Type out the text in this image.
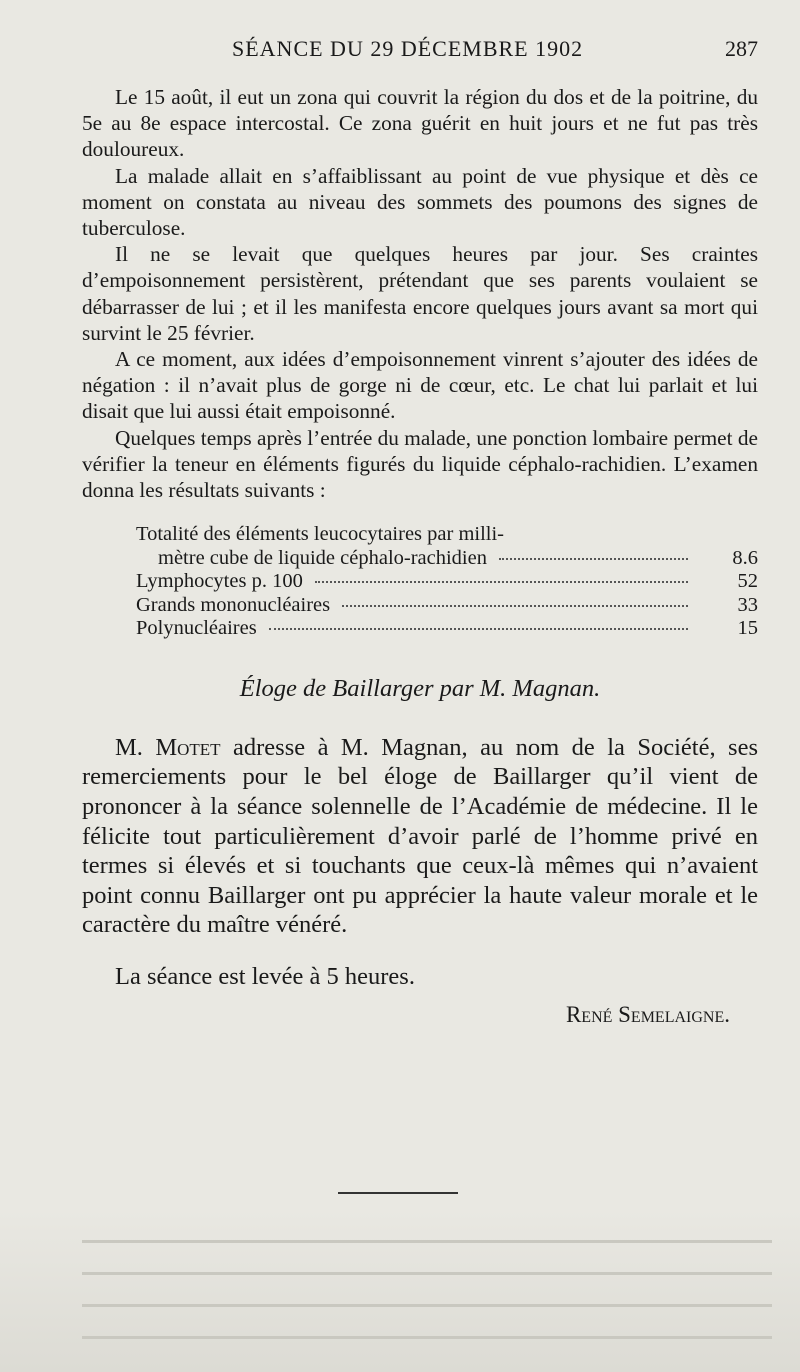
SÉANCE DU 29 DÉCEMBRE 1902	287

Le 15 août, il eut un zona qui couvrit la région du dos et de la poitrine, du 5e au 8e espace intercostal. Ce zona guérit en huit jours et ne fut pas très douloureux.

La malade allait en s’affaiblissant au point de vue physique et dès ce moment on constata au niveau des sommets des poumons des signes de tuberculose.

Il ne se levait que quelques heures par jour. Ses craintes d’empoisonnement persistèrent, prétendant que ses parents voulaient se débarrasser de lui ; et il les manifesta encore quelques jours avant sa mort qui survint le 25 février.

A ce moment, aux idées d’empoisonnement vinrent s’ajouter des idées de négation : il n’avait plus de gorge ni de cœur, etc. Le chat lui parlait et lui disait que lui aussi était empoisonné.

Quelques temps après l’entrée du malade, une ponction lombaire permet de vérifier la teneur en éléments figurés du liquide céphalo-rachidien. L’examen donna les résultats suivants :

Totalité des éléments leucocytaires par milli-
mètre cube de liquide céphalo-rachidien	8.6
Lymphocytes p. 100	52
Grands mononucléaires	33
Polynucléaires	15
Éloge de Baillarger par M. Magnan.

M. Motet adresse à M. Magnan, au nom de la Société, ses remerciements pour le bel éloge de Baillarger qu’il vient de prononcer à la séance solennelle de l’Académie de médecine. Il le félicite tout particulièrement d’avoir parlé de l’homme privé en termes si élevés et si touchants que ceux-là mêmes qui n’avaient point connu Baillarger ont pu apprécier la haute valeur morale et le caractère du maître vénéré.

La séance est levée à 5 heures.

René Semelaigne.
